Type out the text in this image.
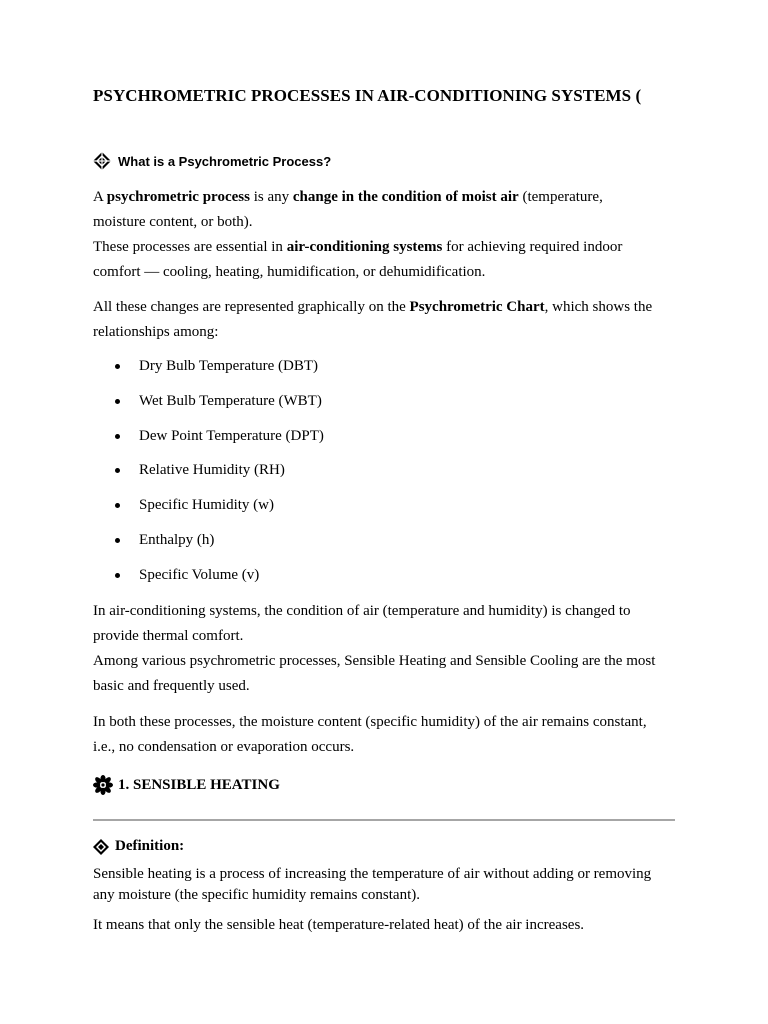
PSYCHROMETRIC PROCESSES IN AIR-CONDITIONING SYSTEMS (
What is a Psychrometric Process?
A psychrometric process is any change in the condition of moist air (temperature,
moisture content, or both).
These processes are essential in air-conditioning systems for achieving required indoor
comfort — cooling, heating, humidification, or dehumidification.
All these changes are represented graphically on the Psychrometric Chart, which shows the
relationships among:
Dry Bulb Temperature (DBT)
Wet Bulb Temperature (WBT)
Dew Point Temperature (DPT)
Relative Humidity (RH)
Specific Humidity (w)
Enthalpy (h)
Specific Volume (v)
In air-conditioning systems, the condition of air (temperature and humidity) is changed to
provide thermal comfort.
Among various psychrometric processes, Sensible Heating and Sensible Cooling are the most
basic and frequently used.
In both these processes, the moisture content (specific humidity) of the air remains constant,
i.e., no condensation or evaporation occurs.
1. SENSIBLE HEATING
Definition:
Sensible heating is a process of increasing the temperature of air without adding or removing
any moisture (the specific humidity remains constant).
It means that only the sensible heat (temperature-related heat) of the air increases.
